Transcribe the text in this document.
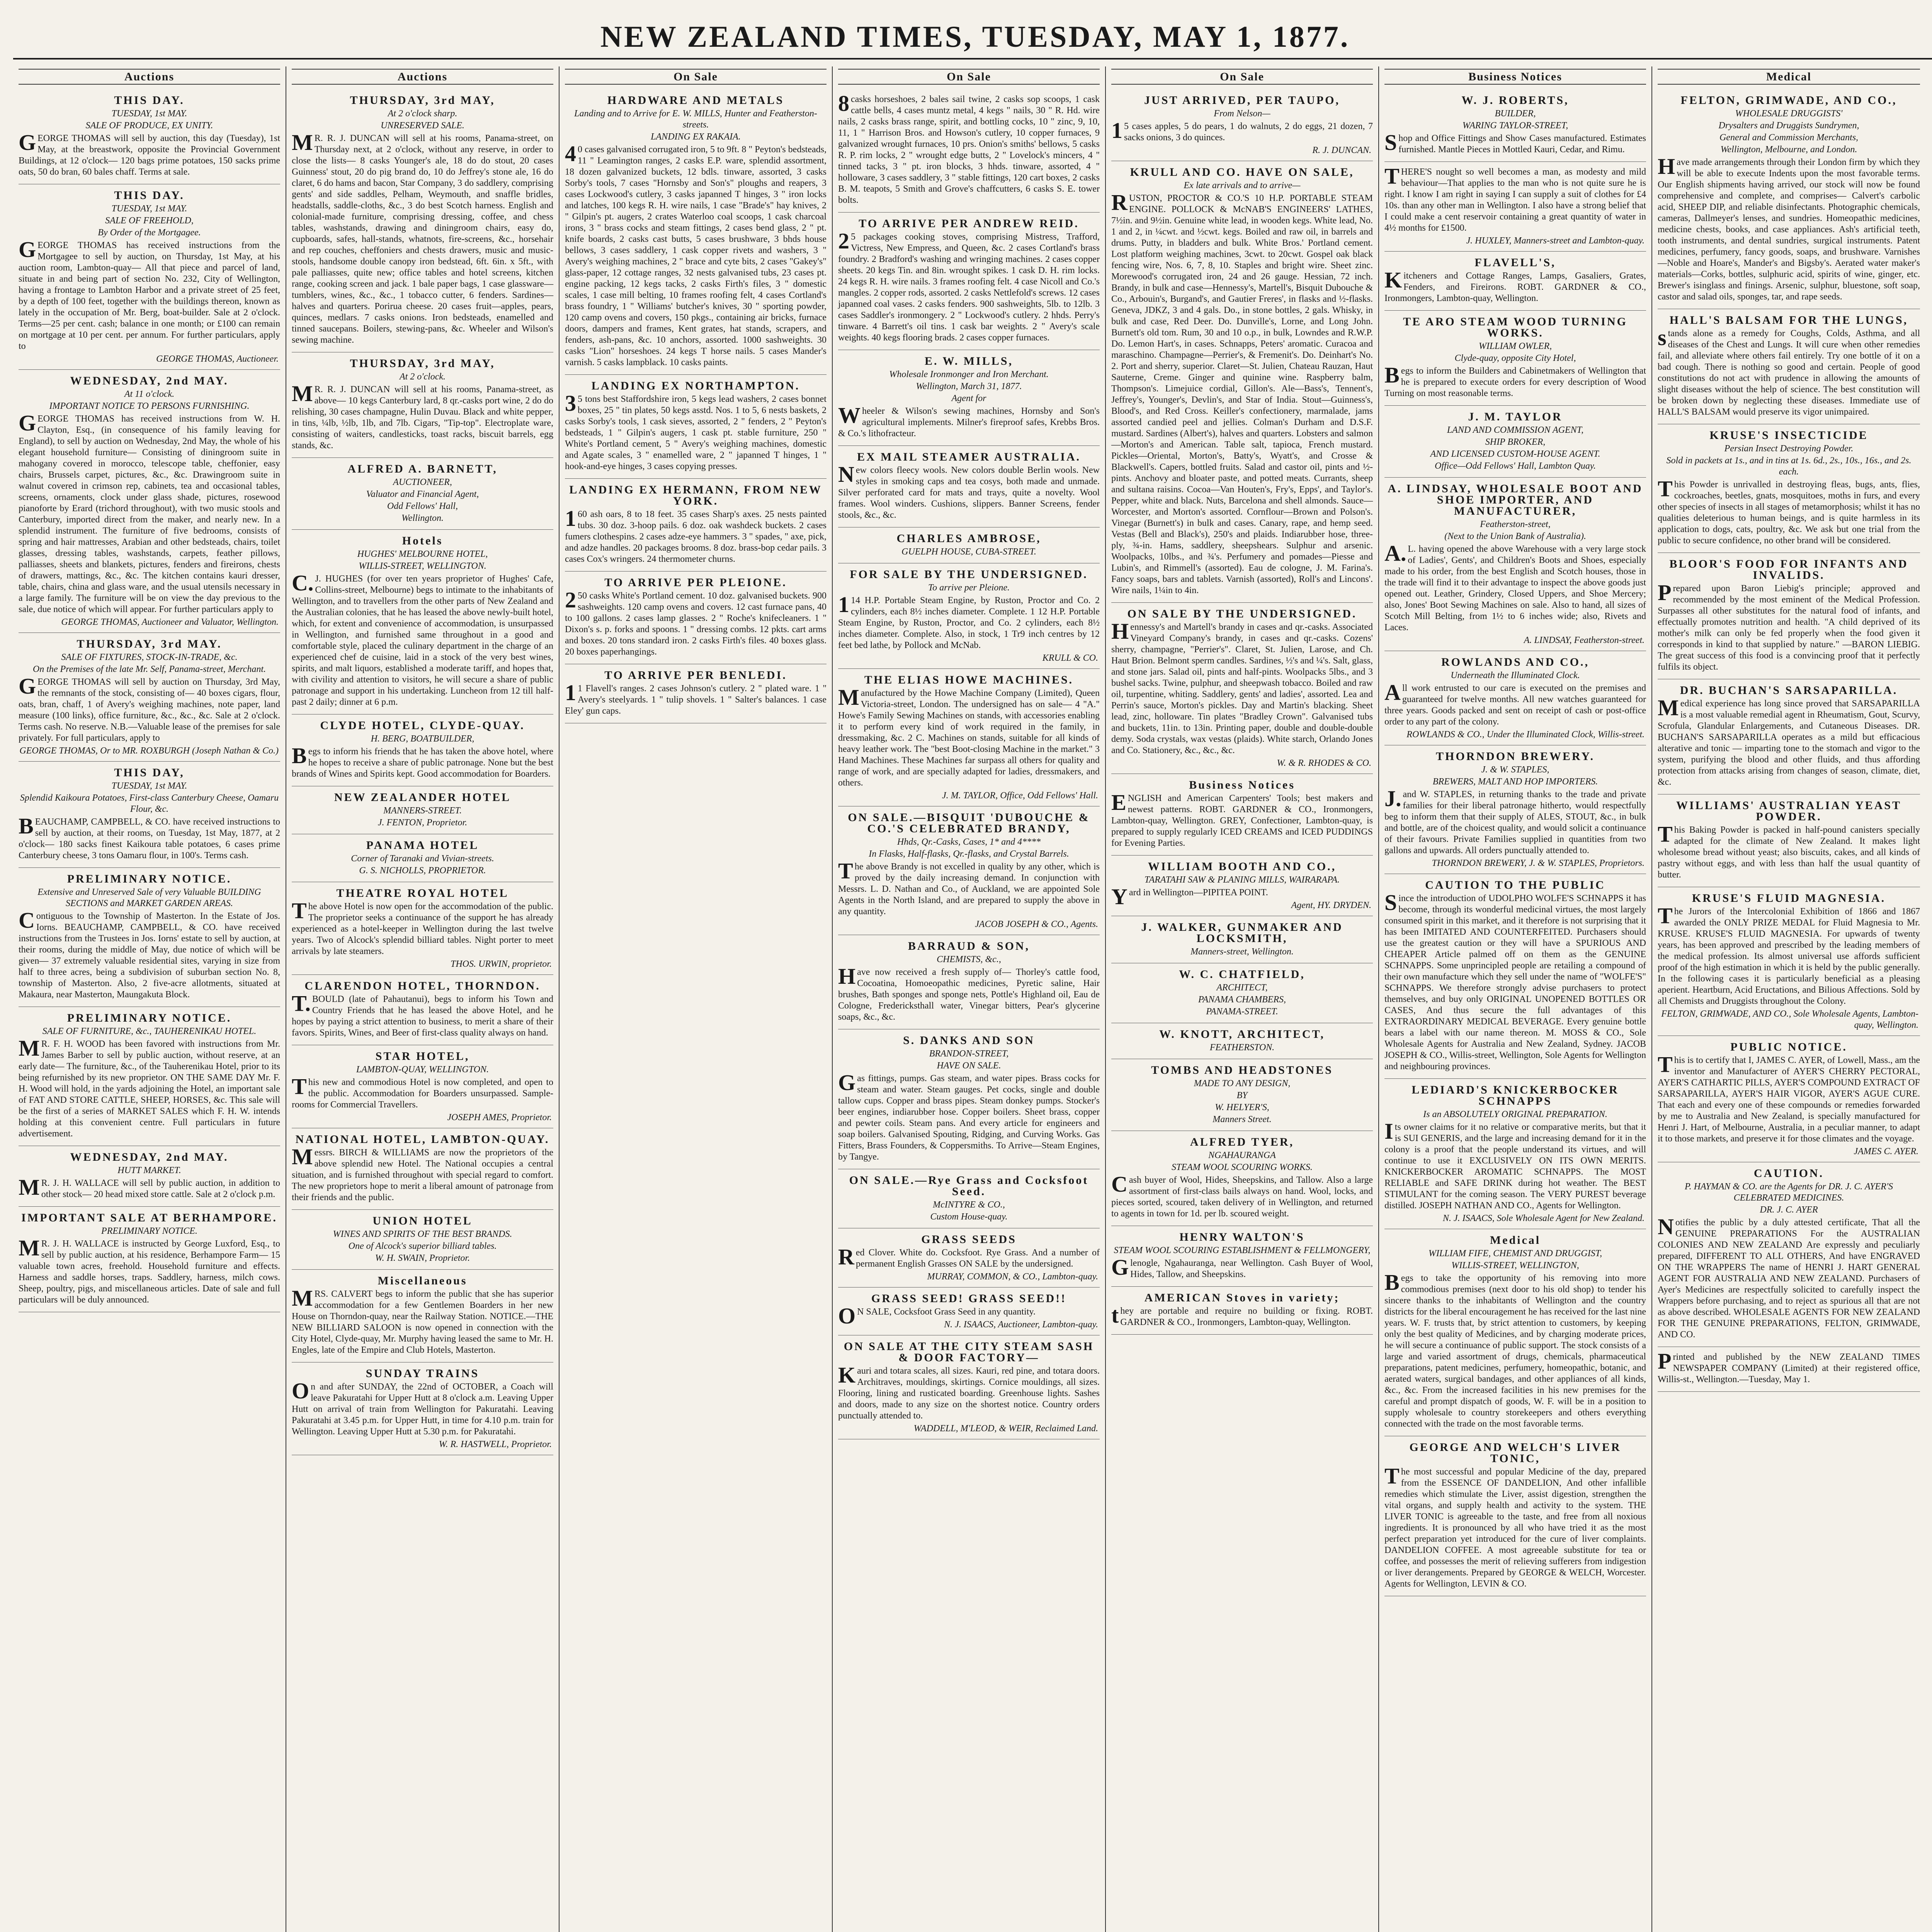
NEW ZEALAND TIMES, TUESDAY, MAY 1, 1877.
Auctions
THIS DAY.
TUESDAY, 1st MAY.
SALE OF PRODUCE, EX UNITY.
GEORGE THOMAS will sell by auction, this day (Tuesday), 1st May, at the breastwork, opposite the Provincial Government Buildings, at 12 o'clock— 120 bags prime potatoes, 150 sacks prime oats, 50 do bran, 60 bales chaff. Terms at sale.
THIS DAY.
TUESDAY, 1st MAY.
SALE OF FREEHOLD,
By Order of the Mortgagee.
GEORGE THOMAS has received instructions from the Mortgagee to sell by auction, on Thursday, 1st May, at his auction room, Lambton-quay— All that piece and parcel of land, situate in and being part of section No. 232, City of Wellington, having a frontage to Lambton Harbor and a private street of 25 feet, by a depth of 100 feet, together with the buildings thereon, known as lately in the occupation of Mr. Berg, boat-builder. Sale at 2 o'clock. Terms—25 per cent. cash; balance in one month; or £100 can remain on mortgage at 10 per cent. per annum. For further particulars, apply to
GEORGE THOMAS, Auctioneer.
WEDNESDAY, 2nd MAY.
At 11 o'clock.
IMPORTANT NOTICE TO PERSONS FURNISHING.
GEORGE THOMAS has received instructions from W. H. Clayton, Esq., (in consequence of his family leaving for England), to sell by auction on Wednesday, 2nd May, the whole of his elegant household furniture— Consisting of diningroom suite in mahogany covered in morocco, telescope table, cheffonier, easy chairs, Brussels carpet, pictures, &c., &c. Drawingroom suite in walnut covered in crimson rep, cabinets, tea and occasional tables, screens, ornaments, clock under glass shade, pictures, rosewood pianoforte by Erard (trichord throughout), with two music stools and Canterbury, imported direct from the maker, and nearly new. In a splendid instrument. The furniture of five bedrooms, consists of spring and hair mattresses, Arabian and other bedsteads, chairs, toilet glasses, dressing tables, washstands, carpets, feather pillows, palliasses, sheets and blankets, pictures, fenders and fireirons, chests of drawers, mattings, &c., &c. The kitchen contains kauri dresser, table, chairs, china and glass ware, and the usual utensils necessary in a large family. The furniture will be on view the day previous to the sale, due notice of which will appear. For further particulars apply to
GEORGE THOMAS, Auctioneer and Valuator, Wellington.
THURSDAY, 3rd MAY.
SALE OF FIXTURES, STOCK-IN-TRADE, &c.
On the Premises of the late Mr. Self, Panama-street, Merchant.
GEORGE THOMAS will sell by auction on Thursday, 3rd May, the remnants of the stock, consisting of— 40 boxes cigars, flour, oats, bran, chaff, 1 of Avery's weighing machines, note paper, land measure (100 links), office furniture, &c., &c., &c. Sale at 2 o'clock. Terms cash. No reserve. N.B.—Valuable lease of the premises for sale privately. For full particulars, apply to
GEORGE THOMAS, Or to MR. ROXBURGH (Joseph Nathan & Co.)
THIS DAY,
TUESDAY, 1st MAY.
Splendid Kaikoura Potatoes, First-class Canterbury Cheese, Oamaru Flour, &c.
BEAUCHAMP, CAMPBELL, & CO. have received instructions to sell by auction, at their rooms, on Tuesday, 1st May, 1877, at 2 o'clock— 180 sacks finest Kaikoura table potatoes, 6 cases prime Canterbury cheese, 3 tons Oamaru flour, in 100's. Terms cash.
PRELIMINARY NOTICE.
Extensive and Unreserved Sale of very Valuable BUILDING SECTIONS and MARKET GARDEN AREAS.
Contiguous to the Township of Masterton. In the Estate of Jos. Iorns. BEAUCHAMP, CAMPBELL, & CO. have received instructions from the Trustees in Jos. Iorns' estate to sell by auction, at their rooms, during the middle of May, due notice of which will be given— 37 extremely valuable residential sites, varying in size from half to three acres, being a subdivision of suburban section No. 8, township of Masterton. Also, 2 five-acre allotments, situated at Makaura, near Masterton, Maungakuta Block.
PRELIMINARY NOTICE.
SALE OF FURNITURE, &c., TAUHERENIKAU HOTEL.
MR. F. H. WOOD has been favored with instructions from Mr. James Barber to sell by public auction, without reserve, at an early date— The furniture, &c., of the Tauherenikau Hotel, prior to its being refurnished by its new proprietor. ON THE SAME DAY Mr. F. H. Wood will hold, in the yards adjoining the Hotel, an important sale of FAT AND STORE CATTLE, SHEEP, HORSES, &c. This sale will be the first of a series of MARKET SALES which F. H. W. intends holding at this convenient centre. Full particulars in future advertisement.
WEDNESDAY, 2nd MAY.
HUTT MARKET.
MR. J. H. WALLACE will sell by public auction, in addition to other stock— 20 head mixed store cattle. Sale at 2 o'clock p.m.
IMPORTANT SALE AT BERHAMPORE.
PRELIMINARY NOTICE.
MR. J. H. WALLACE is instructed by George Luxford, Esq., to sell by public auction, at his residence, Berhampore Farm— 15 valuable town acres, freehold. Household furniture and effects. Harness and saddle horses, traps. Saddlery, harness, milch cows. Sheep, poultry, pigs, and miscellaneous articles. Date of sale and full particulars will be duly announced.
Auctions
THURSDAY, 3rd MAY,
At 2 o'clock sharp.
UNRESERVED SALE.
MR. R. J. DUNCAN will sell at his rooms, Panama-street, on Thursday next, at 2 o'clock, without any reserve, in order to close the lists— 8 casks Younger's ale, 18 do do stout, 20 cases Guinness' stout, 20 do pig brand do, 10 do Jeffrey's stone ale, 16 do claret, 6 do hams and bacon, Star Company, 3 do saddlery, comprising gents' and side saddles, Pelham, Weymouth, and snaffle bridles, headstalls, saddle-cloths, &c., 3 do best Scotch harness. English and colonial-made furniture, comprising dressing, coffee, and chess tables, washstands, drawing and diningroom chairs, easy do, cupboards, safes, hall-stands, whatnots, fire-screens, &c., horsehair and rep couches, cheffoniers and chests drawers, music and music-stools, handsome double canopy iron bedstead, 6ft. 6in. x 5ft., with pale palliasses, quite new; office tables and hotel screens, kitchen range, cooking screen and jack. 1 bale paper bags, 1 case glassware—tumblers, wines, &c., &c., 1 tobacco cutter, 6 fenders. Sardines—halves and quarters. Porirua cheese. 20 cases fruit—apples, pears, quinces, medlars. 7 casks onions. Iron bedsteads, enamelled and tinned saucepans. Boilers, stewing-pans, &c. Wheeler and Wilson's sewing machine.
THURSDAY, 3rd MAY,
At 2 o'clock.
MR. R. J. DUNCAN will sell at his rooms, Panama-street, as above— 10 kegs Canterbury lard, 8 qr.-casks port wine, 2 do do relishing, 30 cases champagne, Hulin Duvau. Black and white pepper, in tins, ¼lb, ½lb, 1lb, and 7lb. Cigars, "Tip-top". Electroplate ware, consisting of waiters, candlesticks, toast racks, biscuit barrels, egg stands, &c.
ALFRED A. BARNETT,
AUCTIONEER,
Valuator and Financial Agent,
Odd Fellows' Hall,
Wellington.
Hotels
HUGHES' MELBOURNE HOTEL,
WILLIS-STREET, WELLINGTON.
C.J. HUGHES (for over ten years proprietor of Hughes' Cafe, Collins-street, Melbourne) begs to intimate to the inhabitants of Wellington, and to travellers from the other parts of New Zealand and the Australian colonies, that he has leased the above newly-built hotel, which, for extent and convenience of accommodation, is unsurpassed in Wellington, and furnished same throughout in a good and comfortable style, placed the culinary department in the charge of an experienced chef de cuisine, laid in a stock of the very best wines, spirits, and malt liquors, established a moderate tariff, and hopes that, with civility and attention to visitors, he will secure a share of public patronage and support in his undertaking. Luncheon from 12 till half-past 2 daily; dinner at 6 p.m.
CLYDE HOTEL, CLYDE-QUAY.
H. BERG, BOATBUILDER,
Begs to inform his friends that he has taken the above hotel, where he hopes to receive a share of public patronage. None but the best brands of Wines and Spirits kept. Good accommodation for Boarders.
NEW ZEALANDER HOTEL
MANNERS-STREET.
J. FENTON, Proprietor.
PANAMA HOTEL
Corner of Taranaki and Vivian-streets.
G. S. NICHOLLS, PROPRIETOR.
THEATRE ROYAL HOTEL
The above Hotel is now open for the accommodation of the public. The proprietor seeks a continuance of the support he has already experienced as a hotel-keeper in Wellington during the last twelve years. Two of Alcock's splendid billiard tables. Night porter to meet arrivals by late steamers.
THOS. URWIN, proprietor.
CLARENDON HOTEL, THORNDON.
T.BOULD (late of Pahautanui), begs to inform his Town and Country Friends that he has leased the above Hotel, and he hopes by paying a strict attention to business, to merit a share of their favors. Spirits, Wines, and Beer of first-class quality always on hand.
STAR HOTEL,
LAMBTON-QUAY, WELLINGTON.
This new and commodious Hotel is now completed, and open to the public. Accommodation for Boarders unsurpassed. Sample-rooms for Commercial Travellers.
JOSEPH AMES, Proprietor.
NATIONAL HOTEL, LAMBTON-QUAY.
Messrs. BIRCH & WILLIAMS are now the proprietors of the above splendid new Hotel. The National occupies a central situation, and is furnished throughout with special regard to comfort. The new proprietors hope to merit a liberal amount of patronage from their friends and the public.
UNION HOTEL
WINES AND SPIRITS OF THE BEST BRANDS.
One of Alcock's superior billiard tables.
W. H. SWAIN, Proprietor.
Miscellaneous
MRS. CALVERT begs to inform the public that she has superior accommodation for a few Gentlemen Boarders in her new House on Thorndon-quay, near the Railway Station. NOTICE.—THE NEW BILLIARD SALOON is now opened in connection with the City Hotel, Clyde-quay, Mr. Murphy having leased the same to Mr. H. Engles, late of the Empire and Club Hotels, Masterton.
SUNDAY TRAINS
On and after SUNDAY, the 22nd of OCTOBER, a Coach will leave Pakuratahi for Upper Hutt at 8 o'clock a.m. Leaving Upper Hutt on arrival of train from Wellington for Pakuratahi. Leaving Pakuratahi at 3.45 p.m. for Upper Hutt, in time for 4.10 p.m. train for Wellington. Leaving Upper Hutt at 5.30 p.m. for Pakuratahi.
W. R. HASTWELL, Proprietor.
On Sale
HARDWARE AND METALS
Landing and to Arrive for E. W. MILLS, Hunter and Featherston-streets.
LANDING EX RAKAIA.
40 cases galvanised corrugated iron, 5 to 9ft. 8 " Peyton's bedsteads, 11 " Leamington ranges, 2 casks E.P. ware, splendid assortment, 18 dozen galvanized buckets, 12 bdls. tinware, assorted, 3 casks Sorby's tools, 7 cases "Hornsby and Son's" ploughs and reapers, 3 cases Lockwood's cutlery, 3 casks japanned T hinges, 3 " iron locks and latches, 100 kegs R. H. wire nails, 1 case "Brade's" hay knives, 2 " Gilpin's pt. augers, 2 crates Waterloo coal scoops, 1 cask charcoal irons, 3 " brass cocks and steam fittings, 2 cases bend glass, 2 " pt. knife boards, 2 casks cast butts, 5 cases brushware, 3 bhds house bellows, 3 cases saddlery, 1 cask copper rivets and washers, 3 " Avery's weighing machines, 2 " brace and cyte bits, 2 cases "Gakey's" glass-paper, 12 cottage ranges, 32 nests galvanised tubs, 23 cases pt. engine packing, 12 kegs tacks, 2 casks Firth's files, 3 " domestic scales, 1 case mill belting, 10 frames roofing felt, 4 cases Cortland's brass foundry, 1 " Williams' butcher's knives, 30 " sporting powder, 120 camp ovens and covers, 150 pkgs., containing air bricks, furnace doors, dampers and frames, Kent grates, hat stands, scrapers, and fenders, ash-pans, &c. 10 anchors, assorted. 1000 sashweights. 30 casks "Lion" horseshoes. 24 kegs T horse nails. 5 cases Mander's varnish. 5 casks lampblack. 10 casks paints.
LANDING EX NORTHAMPTON.
35 tons best Staffordshire iron, 5 kegs lead washers, 2 cases bonnet boxes, 25 " tin plates, 50 kegs asstd. Nos. 1 to 5, 6 nests baskets, 2 casks Sorby's tools, 1 cask sieves, assorted, 2 " fenders, 2 " Peyton's bedsteads, 1 " Gilpin's augers, 1 cask pt. stable furniture, 250 " White's Portland cement, 5 " Avery's weighing machines, domestic and Agate scales, 3 " enamelled ware, 2 " japanned T hinges, 1 " hook-and-eye hinges, 3 cases copying presses.
LANDING EX HERMANN, FROM NEW YORK.
160 ash oars, 8 to 18 feet. 35 cases Sharp's axes. 25 nests painted tubs. 30 doz. 3-hoop pails. 6 doz. oak washdeck buckets. 2 cases fumers clothespins. 2 cases adze-eye hammers. 3 " spades, " axe, pick, and adze handles. 20 packages brooms. 8 doz. brass-bop cedar pails. 3 cases Cox's wringers. 24 thermometer churns.
TO ARRIVE PER PLEIONE.
250 casks White's Portland cement. 10 doz. galvanised buckets. 900 sashweights. 120 camp ovens and covers. 12 cast furnace pans, 40 to 100 gallons. 2 cases lamp glasses. 2 " Roche's knifecleaners. 1 " Dixon's s. p. forks and spoons. 1 " dressing combs. 12 pkts. cart arms and boxes. 20 tons standard iron. 2 casks Firth's files. 40 boxes glass. 20 boxes paperhangings.
TO ARRIVE PER BENLEDI.
11 Flavell's ranges. 2 cases Johnson's cutlery. 2 " plated ware. 1 " Avery's steelyards. 1 " tulip shovels. 1 " Salter's balances. 1 case Eley' gun caps.
On Sale
8casks horseshoes, 2 bales sail twine, 2 casks sop scoops, 1 cask cattle bells, 4 cases muntz metal, 4 kegs " nails, 30 " R. Hd. wire nails, 2 casks brass range, spirit, and bottling cocks, 10 " zinc, 9, 10, 11, 1 " Harrison Bros. and Howson's cutlery, 10 copper furnaces, 9 galvanized wrought furnaces, 10 prs. Onion's smiths' bellows, 5 casks R. P. rim locks, 2 " wrought edge butts, 2 " Lovelock's mincers, 4 " tinned tacks, 3 " pt. iron blocks, 3 hhds. tinware, assorted, 4 " holloware, 3 cases saddlery, 3 " stable fittings, 120 cart boxes, 2 casks B. M. teapots, 5 Smith and Grove's chaffcutters, 6 casks S. E. tower bolts.
TO ARRIVE PER ANDREW REID.
25 packages cooking stoves, comprising Mistress, Trafford, Victress, New Empress, and Queen, &c. 2 cases Cortland's brass foundry. 2 Bradford's washing and wringing machines. 2 cases copper sheets. 20 kegs Tin. and 8in. wrought spikes. 1 cask D. H. rim locks. 24 kegs R. H. wire nails. 3 frames roofing felt. 4 case Nicoll and Co.'s mangles. 2 copper rods, assorted. 2 casks Nettlefold's screws. 12 cases japanned coal vases. 2 casks fenders. 900 sashweights, 5lb. to 12lb. 3 cases Saddler's ironmongery. 2 " Lockwood's cutlery. 2 hhds. Perry's tinware. 4 Barrett's oil tins. 1 cask bar weights. 2 " Avery's scale weights. 40 kegs flooring brads. 2 cases copper furnaces.
E. W. MILLS,
Wholesale Ironmonger and Iron Merchant.
Wellington, March 31, 1877.
Agent for
Wheeler & Wilson's sewing machines, Hornsby and Son's agricultural implements. Milner's fireproof safes, Krebbs Bros. & Co.'s lithofracteur.
EX MAIL STEAMER AUSTRALIA.
New colors fleecy wools. New colors double Berlin wools. New styles in smoking caps and tea cosys, both made and unmade. Silver perforated card for mats and trays, quite a novelty. Wool frames. Wool winders. Cushions, slippers. Banner Screens, fender stools, &c., &c.
CHARLES AMBROSE,
GUELPH HOUSE, CUBA-STREET.
FOR SALE BY THE UNDERSIGNED.
To arrive per Pleione.
114 H.P. Portable Steam Engine, by Ruston, Proctor and Co. 2 cylinders, each 8½ inches diameter. Complete. 1 12 H.P. Portable Steam Engine, by Ruston, Proctor, and Co. 2 cylinders, each 8½ inches diameter. Complete. Also, in stock, 1 Tr9 inch centres by 12 feet bed lathe, by Pollock and McNab.
KRULL & CO.
THE ELIAS HOWE MACHINES.
Manufactured by the Howe Machine Company (Limited), Queen Victoria-street, London. The undersigned has on sale— 4 "A." Howe's Family Sewing Machines on stands, with accessories enabling it to perform every kind of work required in the family, in dressmaking, &c. 2 C. Machines on stands, suitable for all kinds of heavy leather work. The "best Boot-closing Machine in the market." 3 Hand Machines. These Machines far surpass all others for quality and range of work, and are specially adapted for ladies, dressmakers, and others.
J. M. TAYLOR, Office, Odd Fellows' Hall.
ON SALE.—BISQUIT 'DUBOUCHE & CO.'S CELEBRATED BRANDY,
Hhds, Qr.-Casks, Cases, 1* and 4****
In Flasks, Half-flasks, Qr.-flasks, and Crystal Barrels.
The above Brandy is not excelled in quality by any other, which is proved by the daily increasing demand. In conjunction with Messrs. L. D. Nathan and Co., of Auckland, we are appointed Sole Agents in the North Island, and are prepared to supply the above in any quantity.
JACOB JOSEPH & CO., Agents.
BARRAUD & SON,
CHEMISTS, &c.,
Have now received a fresh supply of— Thorley's cattle food, Cocoatina, Homoeopathic medicines, Pyretic saline, Hair brushes, Bath sponges and sponge nets, Pottle's Highland oil, Eau de Cologne, Fredericksthall water, Vinegar bitters, Pear's glycerine soaps, &c., &c.
S. DANKS AND SON
BRANDON-STREET,
HAVE ON SALE.
Gas fittings, pumps. Gas steam, and water pipes. Brass cocks for steam and water. Steam gauges. Pet cocks, single and double tallow cups. Copper and brass pipes. Steam donkey pumps. Stocker's beer engines, indiarubber hose. Copper boilers. Sheet brass, copper and pewter coils. Steam pans. And every article for engineers and soap boilers. Galvanised Spouting, Ridging, and Curving Works. Gas Fitters, Brass Founders, & Coppersmiths. To Arrive—Steam Engines, by Tangye.
ON SALE.—Rye Grass and Cocksfoot Seed.
McINTYRE & CO.,
Custom House-quay.
GRASS SEEDS
Red Clover. White do. Cocksfoot. Rye Grass. And a number of permanent English Grasses ON SALE by the undersigned.
MURRAY, COMMON, & CO., Lambton-quay.
GRASS SEED! GRASS SEED!!
ON SALE, Cocksfoot Grass Seed in any quantity.
N. J. ISAACS, Auctioneer, Lambton-quay.
ON SALE AT THE CITY STEAM SASH & DOOR FACTORY—
Kauri and totara scales, all sizes. Kauri, red pine, and totara doors. Architraves, mouldings, skirtings. Cornice mouldings, all sizes. Flooring, lining and rusticated boarding. Greenhouse lights. Sashes and doors, made to any size on the shortest notice. Country orders punctually attended to.
WADDELL, M'LEOD, & WEIR, Reclaimed Land.
On Sale
JUST ARRIVED, PER TAUPO,
From Nelson—
15 cases apples, 5 do pears, 1 do walnuts, 2 do eggs, 21 dozen, 7 sacks onions, 3 do quinces.
R. J. DUNCAN.
KRULL AND CO. HAVE ON SALE,
Ex late arrivals and to arrive—
RUSTON, PROCTOR & CO.'S 10 H.P. PORTABLE STEAM ENGINE. POLLOCK & McNAB'S ENGINEERS' LATHES, 7½in. and 9½in. Genuine white lead, in wooden kegs. White lead, No. 1 and 2, in ¼cwt. and ½cwt. kegs. Boiled and raw oil, in barrels and drums. Putty, in bladders and bulk. White Bros.' Portland cement. Lost platform weighing machines, 3cwt. to 20cwt. Gospel oak black fencing wire, Nos. 6, 7, 8, 10. Staples and bright wire. Sheet zinc. Morewood's corrugated iron, 24 and 26 gauge. Hessian, 72 inch. Brandy, in bulk and case—Hennessy's, Martell's, Bisquit Dubouche & Co., Arbouin's, Burgand's, and Gautier Freres', in flasks and ½-flasks. Geneva, JDKZ, 3 and 4 gals. Do., in stone bottles, 2 gals. Whisky, in bulk and case, Red Deer. Do. Dunville's, Lorne, and Long John. Burnett's old tom. Rum, 30 and 10 o.p., in bulk, Lowndes and R.W.P. Do. Lemon Hart's, in cases. Schnapps, Peters' aromatic. Curacoa and maraschino. Champagne—Perrier's, & Fremenit's. Do. Deinhart's No. 2. Port and sherry, superior. Claret—St. Julien, Chateau Rauzan, Haut Sauterne, Creme. Ginger and quinine wine. Raspberry balm, Thompson's. Limejuice cordial, Gillon's. Ale—Bass's, Tennent's, Jeffrey's, Younger's, Devlin's, and Star of India. Stout—Guinness's, Blood's, and Red Cross. Keiller's confectionery, marmalade, jams assorted candied peel and jellies. Colman's Durham and D.S.F. mustard. Sardines (Albert's), halves and quarters. Lobsters and salmon—Morton's and American. Table salt, tapioca, French mustard. Pickles—Oriental, Morton's, Batty's, Wyatt's, and Crosse & Blackwell's. Capers, bottled fruits. Salad and castor oil, pints and ½-pints. Anchovy and bloater paste, and potted meats. Currants, sheep and sultana raisins. Cocoa—Van Houten's, Fry's, Epps', and Taylor's. Pepper, white and black. Nuts, Barcelona and shell almonds. Sauce—Worcester, and Morton's assorted. Cornflour—Brown and Polson's. Vinegar (Burnett's) in bulk and cases. Canary, rape, and hemp seed. Vestas (Bell and Black's), 250's and plaids. Indiarubber hose, three-ply, ¾-in. Hams, saddlery, sheepshears. Sulphur and arsenic. Woolpacks, 10lbs., and ¾'s. Perfumery and pomades—Piesse and Lubin's, and Rimmell's (assorted). Eau de cologne, J. M. Farina's. Fancy soaps, bars and tablets. Varnish (assorted), Roll's and Lincons'. Wire nails, 1¼in to 4in.
ON SALE BY THE UNDERSIGNED.
Hennessy's and Martell's brandy in cases and qr.-casks. Associated Vineyard Company's brandy, in cases and qr.-casks. Cozens' sherry, champagne, "Perrier's". Claret, St. Julien, Larose, and Ch. Haut Brion. Belmont sperm candles. Sardines, ½'s and ¼'s. Salt, glass, and stone jars. Salad oil, pints and half-pints. Woolpacks 5lbs., and 3 bushel sacks. Twine, pulphur, and sheepwash tobacco. Boiled and raw oil, turpentine, whiting. Saddlery, gents' and ladies', assorted. Lea and Perrin's sauce, Morton's pickles. Day and Martin's blacking. Sheet lead, zinc, holloware. Tin plates "Bradley Crown". Galvanised tubs and buckets, 11in. to 13in. Printing paper, double and double-double demy. Soda crystals, wax vestas (plaids). White starch, Orlando Jones and Co. Stationery, &c., &c., &c.
W. & R. RHODES & CO.
Business Notices
ENGLISH and American Carpenters' Tools; best makers and newest patterns. ROBT. GARDNER & CO., Ironmongers, Lambton-quay, Wellington. GREY, Confectioner, Lambton-quay, is prepared to supply regularly ICED CREAMS and ICED PUDDINGS for Evening Parties.
WILLIAM BOOTH AND CO.,
TARATAHI SAW & PLANING MILLS, WAIRARAPA.
Yard in Wellington—PIPITEA POINT.
Agent, HY. DRYDEN.
J. WALKER, GUNMAKER AND LOCKSMITH,
Manners-street, Wellington.
W. C. CHATFIELD,
ARCHITECT,
PANAMA CHAMBERS,
PANAMA-STREET.
W. KNOTT, ARCHITECT,
FEATHERSTON.
TOMBS AND HEADSTONES
MADE TO ANY DESIGN,
BY
W. HELYER'S,
Manners Street.
ALFRED TYER,
NGAHAURANGA
STEAM WOOL SCOURING WORKS.
Cash buyer of Wool, Hides, Sheepskins, and Tallow. Also a large assortment of first-class bails always on hand. Wool, locks, and pieces sorted, scoured, taken delivery of in Wellington, and returned to agents in town for 1d. per lb. scoured weight.
HENRY WALTON'S
STEAM WOOL SCOURING ESTABLISHMENT & FELLMONGERY,
Glenogle, Ngahauranga, near Wellington. Cash Buyer of Wool, Hides, Tallow, and Sheepskins.
AMERICAN Stoves in variety;
they are portable and require no building or fixing. ROBT. GARDNER & CO., Ironmongers, Lambton-quay, Wellington.
Business Notices
W. J. ROBERTS,
BUILDER,
WARING TAYLOR-STREET,
Shop and Office Fittings and Show Cases manufactured. Estimates furnished. Mantle Pieces in Mottled Kauri, Cedar, and Rimu.
THERE'S nought so well becomes a man, as modesty and mild behaviour—That applies to the man who is not quite sure he is right. I know I am right in saying I can supply a suit of clothes for £4 10s. than any other man in Wellington. I also have a strong belief that I could make a cent reservoir containing a great quantity of water in 4½ months for £1500.
J. HUXLEY, Manners-street and Lambton-quay.
FLAVELL'S,
Kitcheners and Cottage Ranges, Lamps, Gasaliers, Grates, Fenders, and Fireirons. ROBT. GARDNER & CO., Ironmongers, Lambton-quay, Wellington.
TE ARO STEAM WOOD TURNING WORKS.
WILLIAM OWLER,
Clyde-quay, opposite City Hotel,
Begs to inform the Builders and Cabinetmakers of Wellington that he is prepared to execute orders for every description of Wood Turning on most reasonable terms.
J. M. TAYLOR
LAND AND COMMISSION AGENT,
SHIP BROKER,
AND LICENSED CUSTOM-HOUSE AGENT.
Office—Odd Fellows' Hall, Lambton Quay.
A. LINDSAY, WHOLESALE BOOT AND SHOE IMPORTER, AND MANUFACTURER,
Featherston-street,
(Next to the Union Bank of Australia).
A.L. having opened the above Warehouse with a very large stock of Ladies', Gents', and Children's Boots and Shoes, especially made to his order, from the best English and Scotch houses, those in the trade will find it to their advantage to inspect the above goods just opened out. Leather, Grindery, Closed Uppers, and Shoe Mercery; also, Jones' Boot Sewing Machines on sale. Also to hand, all sizes of Scotch Mill Belting, from 1½ to 6 inches wide; also, Rivets and Laces.
A. LINDSAY, Featherston-street.
ROWLANDS AND CO.,
Underneath the Illuminated Clock.
All work entrusted to our care is executed on the premises and guaranteed for twelve months. All new watches guaranteed for three years. Goods packed and sent on receipt of cash or post-office order to any part of the colony.
ROWLANDS & CO., Under the Illuminated Clock, Willis-street.
THORNDON BREWERY.
J. & W. STAPLES,
BREWERS, MALT AND HOP IMPORTERS.
J.and W. STAPLES, in returning thanks to the trade and private families for their liberal patronage hitherto, would respectfully beg to inform them that their supply of ALES, STOUT, &c., in bulk and bottle, are of the choicest quality, and would solicit a continuance of their favours. Private Families supplied in quantities from two gallons and upwards. All orders punctually attended to.
THORNDON BREWERY, J. & W. STAPLES, Proprietors.
CAUTION TO THE PUBLIC
Since the introduction of UDOLPHO WOLFE'S SCHNAPPS it has become, through its wonderful medicinal virtues, the most largely consumed spirit in this market, and it therefore is not surprising that it has been IMITATED AND COUNTERFEITED. Purchasers should use the greatest caution or they will have a SPURIOUS AND CHEAPER Article palmed off on them as the GENUINE SCHNAPPS. Some unprincipled people are retailing a compound of their own manufacture which they sell under the name of "WOLFE'S" SCHNAPPS. We therefore strongly advise purchasers to protect themselves, and buy only ORIGINAL UNOPENED BOTTLES OR CASES, And thus secure the full advantages of this EXTRAORDINARY MEDICAL BEVERAGE. Every genuine bottle bears a label with our name thereon. M. MOSS & CO., Sole Wholesale Agents for Australia and New Zealand, Sydney. JACOB JOSEPH & CO., Willis-street, Wellington, Sole Agents for Wellington and neighbouring provinces.
LEDIARD'S KNICKERBOCKER SCHNAPPS
Is an ABSOLUTELY ORIGINAL PREPARATION.
Its owner claims for it no relative or comparative merits, but that it is SUI GENERIS, and the large and increasing demand for it in the colony is a proof that the people understand its virtues, and will continue to use it EXCLUSIVELY ON ITS OWN MERITS. KNICKERBOCKER AROMATIC SCHNAPPS. The MOST RELIABLE and SAFE DRINK during hot weather. The BEST STIMULANT for the coming season. The VERY PUREST beverage distilled. JOSEPH NATHAN AND CO., Agents for Wellington.
N. J. ISAACS, Sole Wholesale Agent for New Zealand.
Medical
WILLIAM FIFE, CHEMIST AND DRUGGIST,
WILLIS-STREET, WELLINGTON,
Begs to take the opportunity of his removing into more commodious premises (next door to his old shop) to tender his sincere thanks to the inhabitants of Wellington and the country districts for the liberal encouragement he has received for the last nine years. W. F. trusts that, by strict attention to customers, by keeping only the best quality of Medicines, and by charging moderate prices, he will secure a continuance of public support. The stock consists of a large and varied assortment of drugs, chemicals, pharmaceutical preparations, patent medicines, perfumery, homeopathic, botanic, and aerated waters, surgical bandages, and other appliances of all kinds, &c., &c. From the increased facilities in his new premises for the careful and prompt dispatch of goods, W. F. will be in a position to supply wholesale to country storekeepers and others everything connected with the trade on the most favorable terms.
GEORGE AND WELCH'S LIVER TONIC,
The most successful and popular Medicine of the day, prepared from the ESSENCE OF DANDELION, And other infallible remedies which stimulate the Liver, assist digestion, strengthen the vital organs, and supply health and activity to the system. THE LIVER TONIC is agreeable to the taste, and free from all noxious ingredients. It is pronounced by all who have tried it as the most perfect preparation yet introduced for the cure of liver complaints. DANDELION COFFEE. A most agreeable substitute for tea or coffee, and possesses the merit of relieving sufferers from indigestion or liver derangements. Prepared by GEORGE & WELCH, Worcester. Agents for Wellington, LEVIN & CO.
Medical
FELTON, GRIMWADE, AND CO.,
WHOLESALE DRUGGISTS'
Drysalters and Druggists Sundrymen,
General and Commission Merchants,
Wellington, Melbourne, and London.
Have made arrangements through their London firm by which they will be able to execute Indents upon the most favorable terms. Our English shipments having arrived, our stock will now be found comprehensive and complete, and comprises— Calvert's carbolic acid, SHEEP DIP, and reliable disinfectants. Photographic chemicals, cameras, Dallmeyer's lenses, and sundries. Homeopathic medicines, medicine chests, books, and case appliances. Ash's artificial teeth, tooth instruments, and dental sundries, surgical instruments. Patent medicines, perfumery, fancy goods, soaps, and brushware. Varnishes—Noble and Hoare's, Mander's and Bigsby's. Aerated water maker's materials—Corks, bottles, sulphuric acid, spirits of wine, ginger, etc. Brewer's isinglass and finings. Arsenic, sulphur, bluestone, soft soap, castor and salad oils, sponges, tar, and rape seeds.
HALL'S BALSAM FOR THE LUNGS,
stands alone as a remedy for Coughs, Colds, Asthma, and all diseases of the Chest and Lungs. It will cure when other remedies fail, and alleviate where others fail entirely. Try one bottle of it on a bad cough. There is nothing so good and certain. People of good constitutions do not act with prudence in allowing the amounts of slight diseases without the help of science. The best constitution will be broken down by neglecting these diseases. Immediate use of HALL'S BALSAM would preserve its vigor unimpaired.
KRUSE'S INSECTICIDE
Persian Insect Destroying Powder.
Sold in packets at 1s., and in tins at 1s. 6d., 2s., 10s., 16s., and 2s. each.
This Powder is unrivalled in destroying fleas, bugs, ants, flies, cockroaches, beetles, gnats, mosquitoes, moths in furs, and every other species of insects in all stages of metamorphosis; whilst it has no qualities deleterious to human beings, and is quite harmless in its application to dogs, cats, poultry, &c. We ask but one trial from the public to secure confidence, no other brand will be considered.
BLOOR'S FOOD FOR INFANTS AND INVALIDS.
Prepared upon Baron Liebig's principle; approved and recommended by the most eminent of the Medical Profession. Surpasses all other substitutes for the natural food of infants, and effectually promotes nutrition and health. "A child deprived of its mother's milk can only be fed properly when the food given it corresponds in kind to that supplied by nature." —BARON LIEBIG. The great success of this food is a convincing proof that it perfectly fulfils its object.
DR. BUCHAN'S SARSAPARILLA.
Medical experience has long since proved that SARSAPARILLA is a most valuable remedial agent in Rheumatism, Gout, Scurvy, Scrofula, Glandular Enlargements, and Cutaneous Diseases. DR. BUCHAN'S SARSAPARILLA operates as a mild but efficacious alterative and tonic — imparting tone to the stomach and vigor to the system, purifying the blood and other fluids, and thus affording protection from attacks arising from changes of season, climate, diet, &c.
WILLIAMS' AUSTRALIAN YEAST POWDER.
This Baking Powder is packed in half-pound canisters specially adapted for the climate of New Zealand. It makes light wholesome bread without yeast; also biscuits, cakes, and all kinds of pastry without eggs, and with less than half the usual quantity of butter.
KRUSE'S FLUID MAGNESIA.
The Jurors of the Intercolonial Exhibition of 1866 and 1867 awarded the ONLY PRIZE MEDAL for Fluid Magnesia to Mr. KRUSE. KRUSE'S FLUID MAGNESIA. For upwards of twenty years, has been approved and prescribed by the leading members of the medical profession. Its almost universal use affords sufficient proof of the high estimation in which it is held by the public generally. In the following cases it is particularly beneficial as a pleasing aperient. Heartburn, Acid Eructations, and Bilious Affections. Sold by all Chemists and Druggists throughout the Colony.
FELTON, GRIMWADE, AND CO., Sole Wholesale Agents, Lambton-quay, Wellington.
PUBLIC NOTICE.
This is to certify that I, JAMES C. AYER, of Lowell, Mass., am the inventor and Manufacturer of AYER'S CHERRY PECTORAL, AYER'S CATHARTIC PILLS, AYER'S COMPOUND EXTRACT OF SARSAPARILLA, AYER'S HAIR VIGOR, AYER'S AGUE CURE. That each and every one of these compounds or remedies forwarded by me to Australia and New Zealand, is specially manufactured for Henri J. Hart, of Melbourne, Australia, in a peculiar manner, to adapt it to those markets, and preserve it for those climates and the voyage.
JAMES C. AYER.
CAUTION.
P. HAYMAN & CO. are the Agents for DR. J. C. AYER'S CELEBRATED MEDICINES.
DR. J. C. AYER
Notifies the public by a duly attested certificate, That all the GENUINE PREPARATIONS For the AUSTRALIAN COLONIES AND NEW ZEALAND Are expressly and peculiarly prepared, DIFFERENT TO ALL OTHERS, And have ENGRAVED ON THE WRAPPERS The name of HENRI J. HART GENERAL AGENT FOR AUSTRALIA AND NEW ZEALAND. Purchasers of Ayer's Medicines are respectfully solicited to carefully inspect the Wrappers before purchasing, and to reject as spurious all that are not as above described. WHOLESALE AGENTS FOR NEW ZEALAND FOR THE GENUINE PREPARATIONS, FELTON, GRIMWADE, AND CO.
Printed and published by the NEW ZEALAND TIMES NEWSPAPER COMPANY (Limited) at their registered office, Willis-st., Wellington.—Tuesday, May 1.
